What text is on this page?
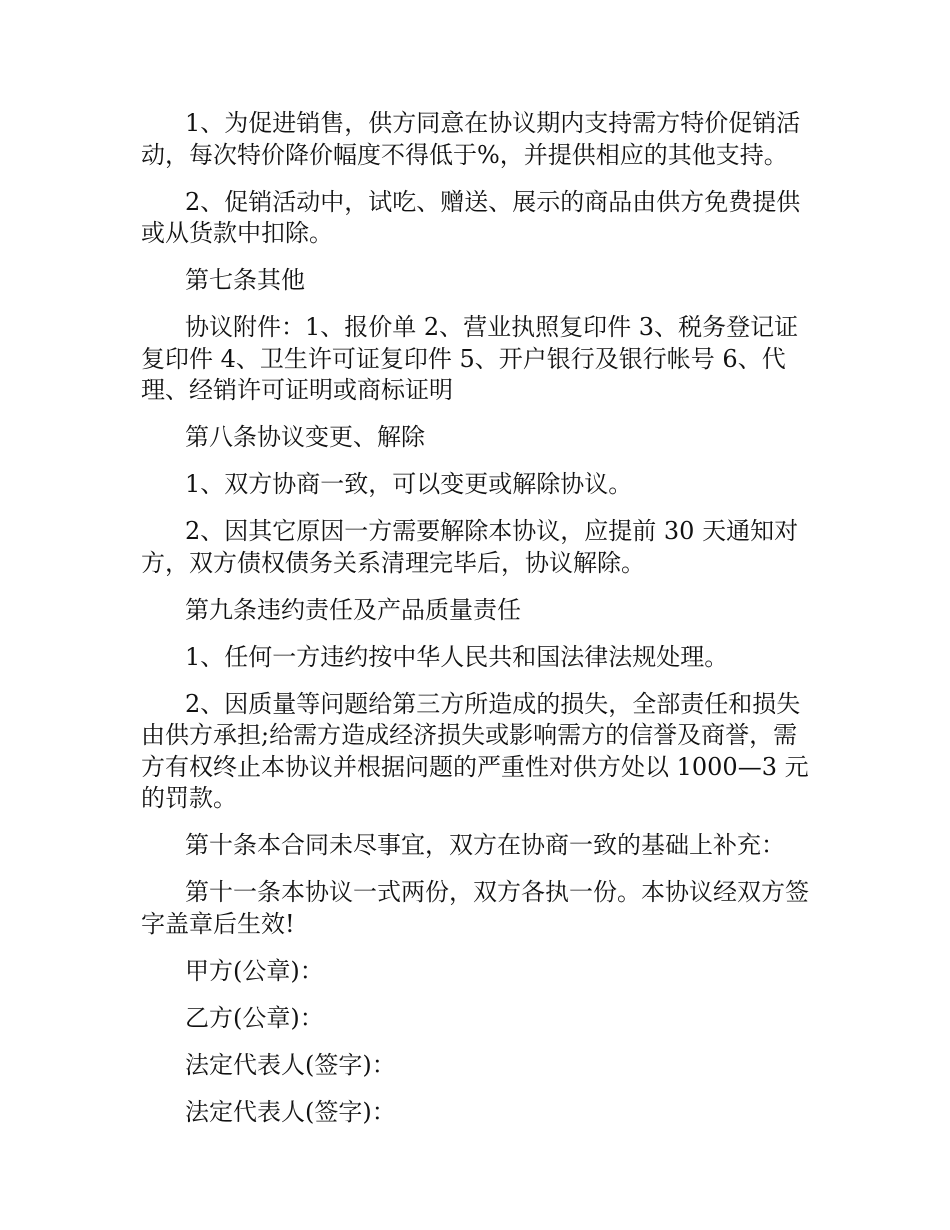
1、为促进销售，供方同意在协议期内支持需方特价促销活动，每次特价降价幅度不得低于%，并提供相应的其他支持。

2、促销活动中，试吃、赠送、展示的商品由供方免费提供或从货款中扣除。

第七条其他

协议附件：1、报价单 2、营业执照复印件 3、税务登记证复印件 4、卫生许可证复印件 5、开户银行及银行帐号 6、代理、经销许可证明或商标证明

第八条协议变更、解除

1、双方协商一致，可以变更或解除协议。

2、因其它原因一方需要解除本协议，应提前 30 天通知对方，双方债权债务关系清理完毕后，协议解除。

第九条违约责任及产品质量责任

1、任何一方违约按中华人民共和国法律法规处理。

2、因质量等问题给第三方所造成的损失，全部责任和损失由供方承担;给需方造成经济损失或影响需方的信誉及商誉，需方有权终止本协议并根据问题的严重性对供方处以 1000—3 元的罚款。

第十条本合同未尽事宜，双方在协商一致的基础上补充：

第十一条本协议一式两份，双方各执一份。本协议经双方签字盖章后生效!

甲方(公章)：

乙方(公章)：

法定代表人(签字)：

法定代表人(签字)：
